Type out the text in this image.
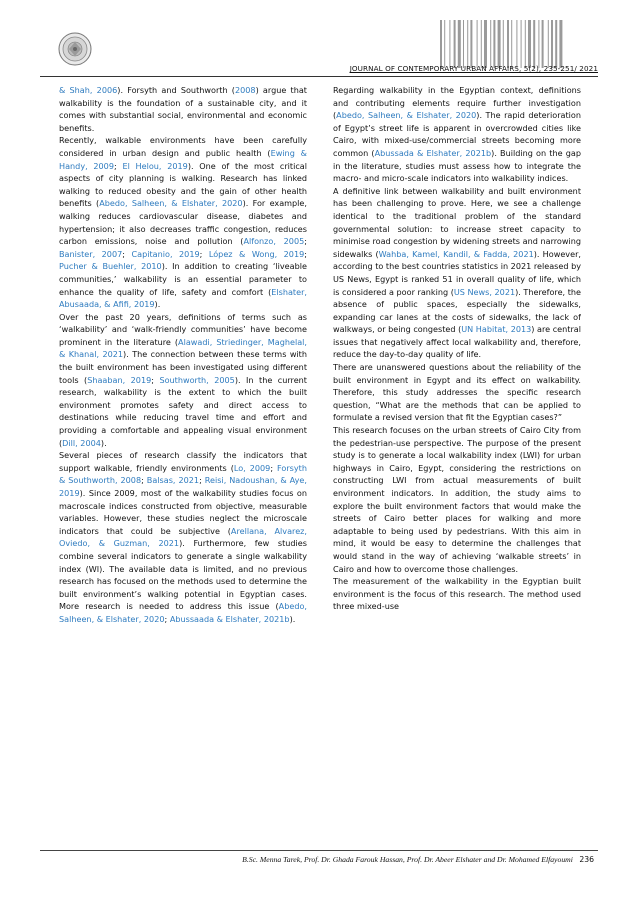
JOURNAL OF CONTEMPORARY URBAN AFFAIRS, 5(2), 235-251/ 2021

& Shah, 2006). Forsyth and Southworth (2008) argue that walkability is the foundation of a sustainable city, and it comes with substantial social, environmental and economic benefits.

Recently, walkable environments have been carefully considered in urban design and public health (Ewing & Handy, 2009; El Helou, 2019). One of the most critical aspects of city planning is walking. Research has linked walking to reduced obesity and the gain of other health benefits (Abedo, Salheen, & Elshater, 2020). For example, walking reduces cardiovascular disease, diabetes and hypertension; it also decreases traffic congestion, reduces carbon emissions, noise and pollution (Alfonzo, 2005; Banister, 2007; Capitanio, 2019; López & Wong, 2019; Pucher & Buehler, 2010). In addition to creating ‘liveable communities,’ walkability is an essential parameter to enhance the quality of life, safety and comfort (Elshater, Abusaada, & Afifi, 2019).

Over the past 20 years, definitions of terms such as ‘walkability’ and ‘walk-friendly communities’ have become prominent in the literature (Alawadi, Striedinger, Maghelal, & Khanal, 2021). The connection between these terms with the built environment has been investigated using different tools (Shaaban, 2019; Southworth, 2005). In the current research, walkability is the extent to which the built environment promotes safety and direct access to destinations while reducing travel time and effort and providing a comfortable and appealing visual environment (Dill, 2004).

Several pieces of research classify the indicators that support walkable, friendly environments (Lo, 2009; Forsyth & Southworth, 2008; Balsas, 2021; Reisi, Nadoushan, & Aye, 2019). Since 2009, most of the walkability studies focus on macroscale indices constructed from objective, measurable variables. However, these studies neglect the microscale indicators that could be subjective (Arellana, Alvarez, Oviedo, & Guzman, 2021). Furthermore, few studies combine several indicators to generate a single walkability index (WI). The available data is limited, and no previous research has focused on the methods used to determine the built environment’s walking potential in Egyptian cases. More research is needed to address this issue (Abedo, Salheen, & Elshater, 2020; Abussaada & Elshater, 2021b).

Regarding walkability in the Egyptian context, definitions and contributing elements require further investigation (Abedo, Salheen, & Elshater, 2020). The rapid deterioration of Egypt’s street life is apparent in overcrowded cities like Cairo, with mixed-use/commercial streets becoming more common (Abussada & Elshater, 2021b). Building on the gap in the literature, studies must assess how to integrate the macro- and micro-scale indicators into walkability indices.

A definitive link between walkability and built environment has been challenging to prove. Here, we see a challenge identical to the traditional problem of the standard governmental solution: to increase street capacity to minimise road congestion by widening streets and narrowing sidewalks (Wahba, Kamel, Kandil, & Fadda, 2021). However, according to the best countries statistics in 2021 released by US News, Egypt is ranked 51 in overall quality of life, which is considered a poor ranking (US News, 2021). Therefore, the absence of public spaces, especially the sidewalks, expanding car lanes at the costs of sidewalks, the lack of walkways, or being congested (UN Habitat, 2013) are central issues that negatively affect local walkability and, therefore, reduce the day-to-day quality of life.

There are unanswered questions about the reliability of the built environment in Egypt and its effect on walkability. Therefore, this study addresses the specific research question, “What are the methods that can be applied to formulate a revised version that fit the Egyptian cases?”

This research focuses on the urban streets of Cairo City from the pedestrian-use perspective. The purpose of the present study is to generate a local walkability index (LWI) for urban highways in Cairo, Egypt, considering the restrictions on constructing LWI from actual measurements of built environment indicators. In addition, the study aims to explore the built environment factors that would make the streets of Cairo better places for walking and more adaptable to being used by pedestrians. With this aim in mind, it would be easy to determine the challenges that would stand in the way of achieving ‘walkable streets’ in Cairo and how to overcome those challenges.

The measurement of the walkability in the Egyptian built environment is the focus of this research. The method used three mixed-use

B.Sc. Menna Tarek, Prof. Dr. Ghada Farouk Hassan, Prof. Dr. Abeer Elshater and Dr. Mohamed Elfayoumi 236
